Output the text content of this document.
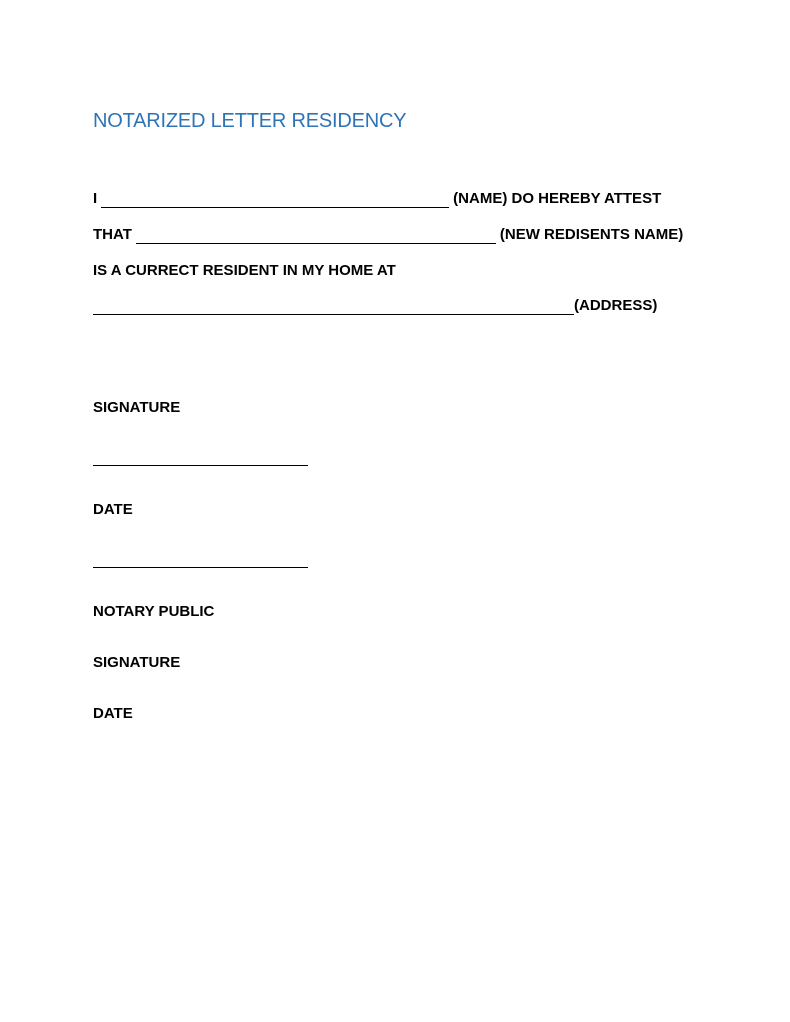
NOTARIZED LETTER RESIDENCY
I	(NAME) DO HEREBY ATTEST
THAT	(NEW REDISENTS NAME)
IS A CURRECT RESIDENT IN MY HOME AT
(ADDRESS)
SIGNATURE
DATE
NOTARY PUBLIC
SIGNATURE
DATE
